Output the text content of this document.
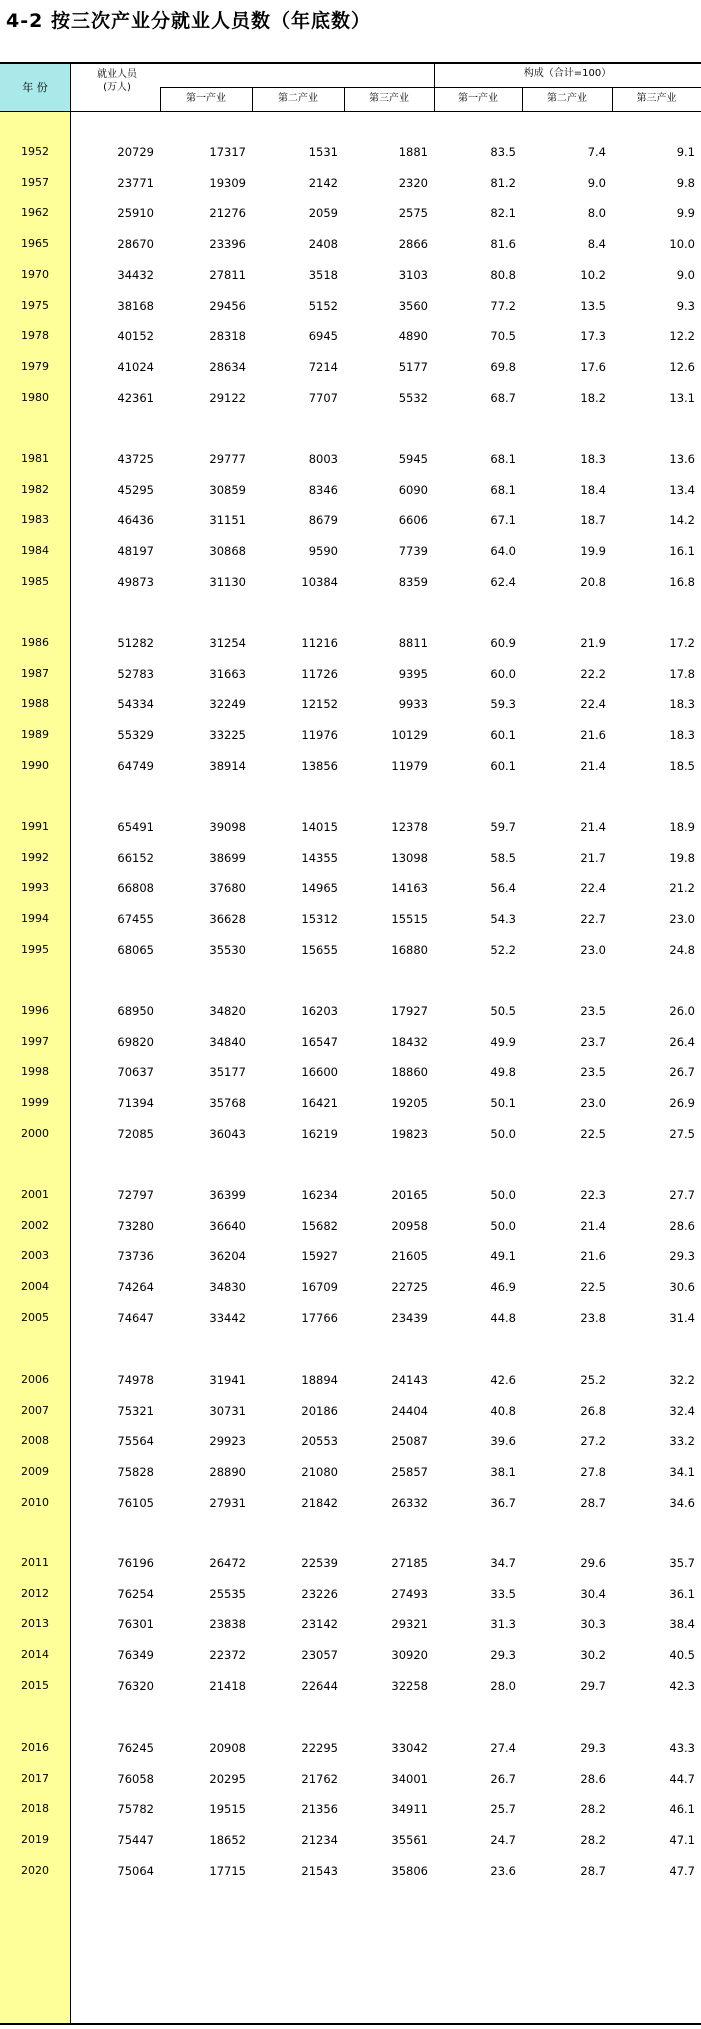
4-2 按三次产业分就业人员数（年底数）
年 份
就业人员
(万人)
第一产业	第二产业	第三产业
构成（合计=100）
第一产业	第二产业	第三产业
1952	20729	17317	1531	1881	83.5	7.4	9.1
1957	23771	19309	2142	2320	81.2	9.0	9.8
1962	25910	21276	2059	2575	82.1	8.0	9.9
1965	28670	23396	2408	2866	81.6	8.4	10.0
1970	34432	27811	3518	3103	80.8	10.2	9.0
1975	38168	29456	5152	3560	77.2	13.5	9.3
1978	40152	28318	6945	4890	70.5	17.3	12.2
1979	41024	28634	7214	5177	69.8	17.6	12.6
1980	42361	29122	7707	5532	68.7	18.2	13.1
1981	43725	29777	8003	5945	68.1	18.3	13.6
1982	45295	30859	8346	6090	68.1	18.4	13.4
1983	46436	31151	8679	6606	67.1	18.7	14.2
1984	48197	30868	9590	7739	64.0	19.9	16.1
1985	49873	31130	10384	8359	62.4	20.8	16.8
1986	51282	31254	11216	8811	60.9	21.9	17.2
1987	52783	31663	11726	9395	60.0	22.2	17.8
1988	54334	32249	12152	9933	59.3	22.4	18.3
1989	55329	33225	11976	10129	60.1	21.6	18.3
1990	64749	38914	13856	11979	60.1	21.4	18.5
1991	65491	39098	14015	12378	59.7	21.4	18.9
1992	66152	38699	14355	13098	58.5	21.7	19.8
1993	66808	37680	14965	14163	56.4	22.4	21.2
1994	67455	36628	15312	15515	54.3	22.7	23.0
1995	68065	35530	15655	16880	52.2	23.0	24.8
1996	68950	34820	16203	17927	50.5	23.5	26.0
1997	69820	34840	16547	18432	49.9	23.7	26.4
1998	70637	35177	16600	18860	49.8	23.5	26.7
1999	71394	35768	16421	19205	50.1	23.0	26.9
2000	72085	36043	16219	19823	50.0	22.5	27.5
2001	72797	36399	16234	20165	50.0	22.3	27.7
2002	73280	36640	15682	20958	50.0	21.4	28.6
2003	73736	36204	15927	21605	49.1	21.6	29.3
2004	74264	34830	16709	22725	46.9	22.5	30.6
2005	74647	33442	17766	23439	44.8	23.8	31.4
2006	74978	31941	18894	24143	42.6	25.2	32.2
2007	75321	30731	20186	24404	40.8	26.8	32.4
2008	75564	29923	20553	25087	39.6	27.2	33.2
2009	75828	28890	21080	25857	38.1	27.8	34.1
2010	76105	27931	21842	26332	36.7	28.7	34.6
2011	76196	26472	22539	27185	34.7	29.6	35.7
2012	76254	25535	23226	27493	33.5	30.4	36.1
2013	76301	23838	23142	29321	31.3	30.3	38.4
2014	76349	22372	23057	30920	29.3	30.2	40.5
2015	76320	21418	22644	32258	28.0	29.7	42.3
2016	76245	20908	22295	33042	27.4	29.3	43.3
2017	76058	20295	21762	34001	26.7	28.6	44.7
2018	75782	19515	21356	34911	25.7	28.2	46.1
2019	75447	18652	21234	35561	24.7	28.2	47.1
2020	75064	17715	21543	35806	23.6	28.7	47.7
